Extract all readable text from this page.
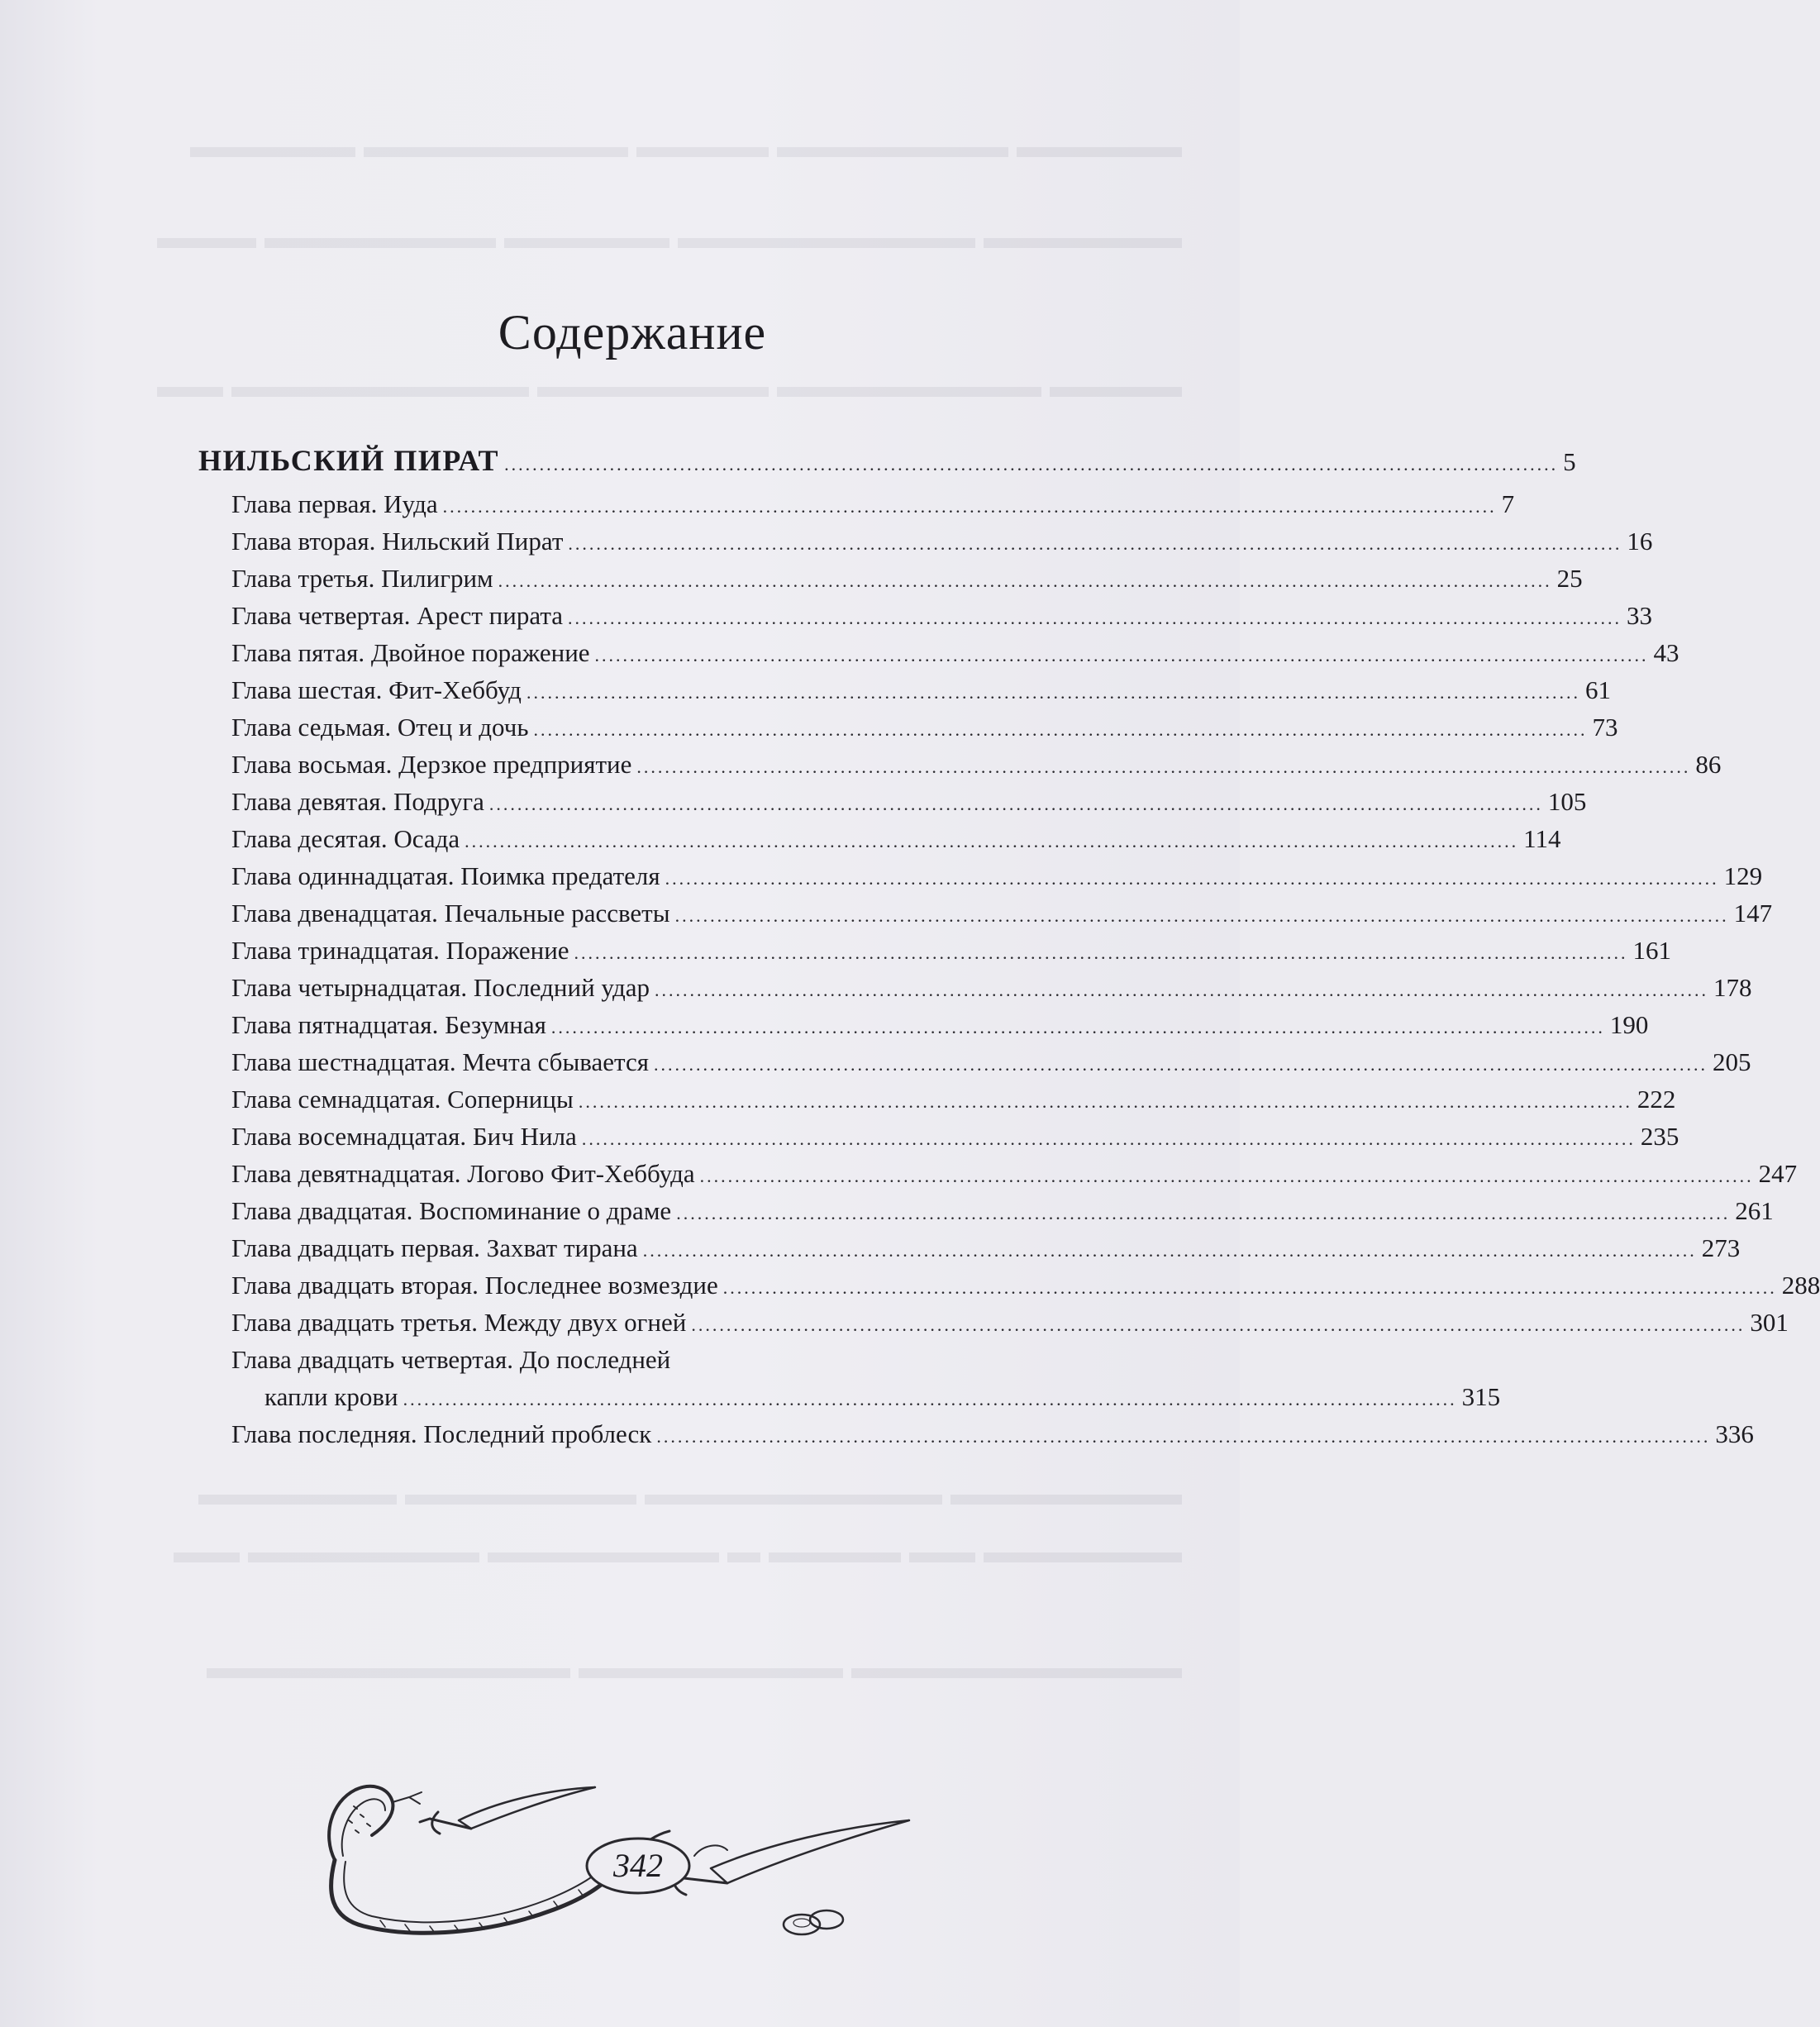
▬▬▬▬▬ ▬▬▬▬▬▬▬ ▬▬▬▬ ▬▬▬▬▬▬▬▬ ▬▬▬▬▬
▬▬▬▬▬▬ ▬▬▬▬▬▬▬▬▬ ▬▬▬▬▬ ▬▬▬▬▬▬▬ ▬▬▬
▬▬▬▬ ▬▬▬▬▬▬▬▬ ▬▬▬▬▬▬▬ ▬▬▬▬▬▬▬▬▬ ▬▬
▬▬▬▬▬▬▬ ▬▬▬▬▬▬▬▬▬ ▬▬▬▬▬▬▬ ▬▬▬▬▬▬
▬▬▬▬▬▬ ▬▬ ▬▬▬▬ ▬ ▬▬▬▬▬▬▬ ▬▬▬▬▬▬▬ ▬▬
▬▬▬▬▬▬▬▬▬▬ ▬▬▬▬▬▬▬▬ ▬▬▬▬▬▬▬▬▬▬▬
Содержание
НИЛЬСКИЙ ПИРАТ ...................................................................................................................................................... 5
Глава первая. Иуда ...................................................................................................................................................... 7
Глава вторая. Нильский Пират ...................................................................................................................................................... 16
Глава третья. Пилигрим ...................................................................................................................................................... 25
Глава четвертая. Арест пирата ...................................................................................................................................................... 33
Глава пятая. Двойное поражение ...................................................................................................................................................... 43
Глава шестая. Фит-Хеббуд ...................................................................................................................................................... 61
Глава седьмая. Отец и дочь ...................................................................................................................................................... 73
Глава восьмая. Дерзкое предприятие ...................................................................................................................................................... 86
Глава девятая. Подруга ...................................................................................................................................................... 105
Глава десятая. Осада ...................................................................................................................................................... 114
Глава одиннадцатая. Поимка предателя ...................................................................................................................................................... 129
Глава двенадцатая. Печальные рассветы ...................................................................................................................................................... 147
Глава тринадцатая. Поражение ...................................................................................................................................................... 161
Глава четырнадцатая. Последний удар ...................................................................................................................................................... 178
Глава пятнадцатая. Безумная ...................................................................................................................................................... 190
Глава шестнадцатая. Мечта сбывается ...................................................................................................................................................... 205
Глава семнадцатая. Соперницы ...................................................................................................................................................... 222
Глава восемнадцатая. Бич Нила ...................................................................................................................................................... 235
Глава девятнадцатая. Логово Фит-Хеббуда ...................................................................................................................................................... 247
Глава двадцатая. Воспоминание о драме ...................................................................................................................................................... 261
Глава двадцать первая. Захват тирана ...................................................................................................................................................... 273
Глава двадцать вторая. Последнее возмездие ...................................................................................................................................................... 288
Глава двадцать третья. Между двух огней ...................................................................................................................................................... 301
Глава двадцать четвертая. До последней
капли крови ...................................................................................................................................................... 315
Глава последняя. Последний проблеск ...................................................................................................................................................... 336
342
